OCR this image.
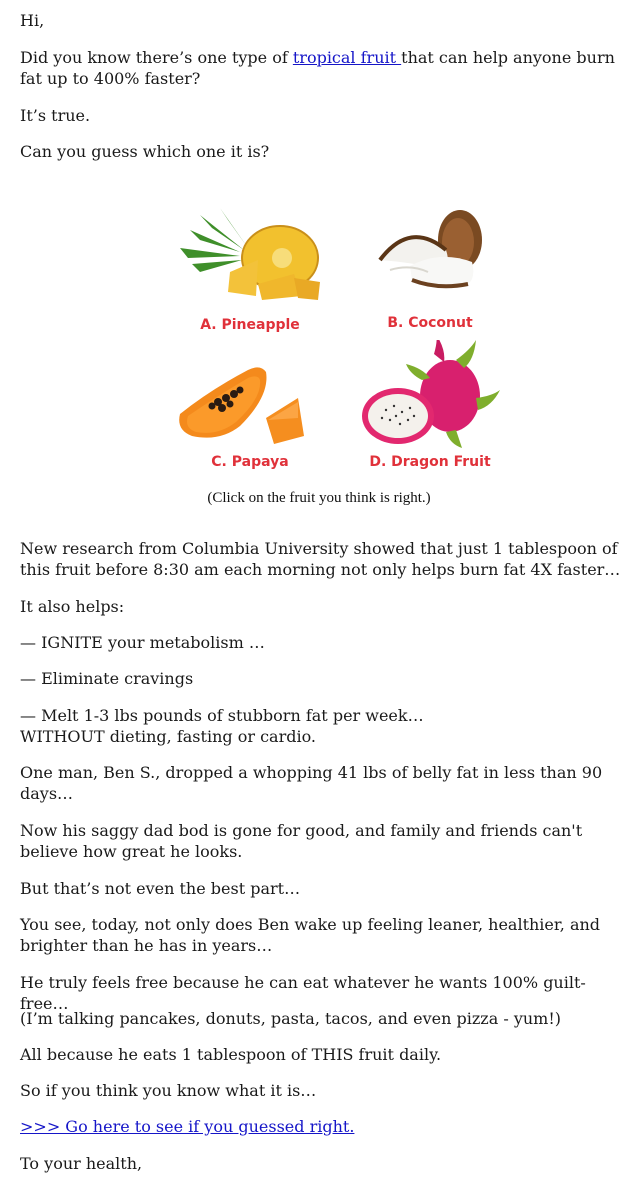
Hi,

Did you know there’s one type of tropical fruit that can help anyone burn

fat up to 400% faster?

It’s true.

Can you guess which one it is?

A. Pineapple	B. Coconut
C. Papaya	D. Dragon Fruit
(Click on the fruit you think is right.)

New research from Columbia University showed that just 1 tablespoon of

this fruit before 8:30 am each morning not only helps burn fat 4X faster…

It also helps:

— IGNITE your metabolism …

— Eliminate cravings

— Melt 1-3 lbs pounds of stubborn fat per week…

WITHOUT dieting, fasting or cardio.

One man, Ben S., dropped a whopping 41 lbs of belly fat in less than 90

days…

Now his saggy dad bod is gone for good, and family and friends can't

believe how great he looks.

But that’s not even the best part…

You see, today, not only does Ben wake up feeling leaner, healthier, and

brighter than he has in years…

He truly feels free because he can eat whatever he wants 100% guilt-free…

(I’m talking pancakes, donuts, pasta, tacos, and even pizza - yum!)

All because he eats 1 tablespoon of THIS fruit daily.

So if you think you know what it is…

>>> Go here to see if you guessed right.

To your health,
